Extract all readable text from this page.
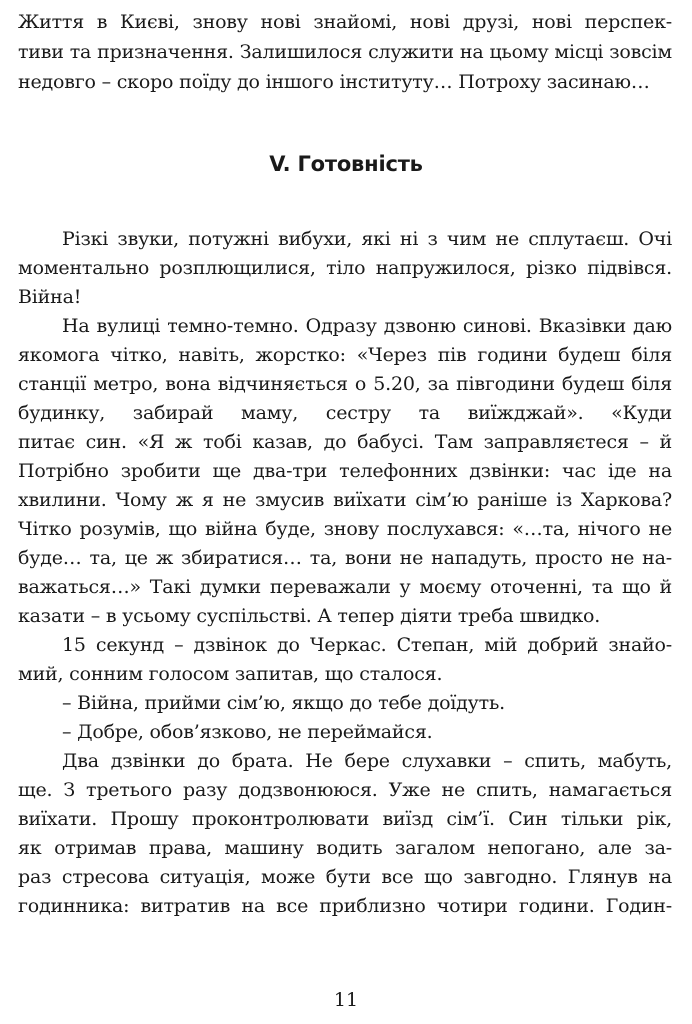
Життя в Києві, знову нові знайомі, нові друзі, нові перспек-
тиви та призначення. Залишилося служити на цьому місці зовсім
недовго – скоро поїду до іншого інституту… Потроху засинаю…
V. Готовність
Різкі звуки, потужні вибухи, які ні з чим не сплутаєш. Очі
моментально розплющилися, тіло напружилося, різко підвівся.
Війна!
На вулиці темно-темно. Одразу дзвоню синові. Вказівки даю
якомога чітко, навіть, жорстко: «Через пів години будеш біля
станції метро, вона відчиняється о 5.20, за півгодини будеш біля
будинку, забирай маму, сестру та виїжджай». «Куди
питає син. «Я ж тобі казав, до бабусі. Там заправляєтеся – й
Потрібно зробити ще два-три телефонних дзвінки: час іде на
хвилини. Чому ж я не змусив виїхати сім’ю раніше із Харкова?
Чітко розумів, що війна буде, знову послухався: «…та, нічого не
буде… та, це ж збиратися… та, вони не нападуть, просто не на-
важаться…» Такі думки переважали у моєму оточенні, та що й
казати – в усьому суспільстві. А тепер діяти треба швидко.
15 секунд – дзвінок до Черкас. Степан, мій добрий знайо-
мий, сонним голосом запитав, що сталося.
– Війна, прийми сім’ю, якщо до тебе доїдуть.
– Добре, обов’язково, не переймайся.
Два дзвінки до брата. Не бере слухавки – спить, мабуть,
ще. З третього разу додзвонююся. Уже не спить, намагається
виїхати. Прошу проконтролювати виїзд сім’ї. Син тільки рік,
як отримав права, машину водить загалом непогано, але за-
раз стресова ситуація, може бути все що завгодно. Глянув на
годинника: витратив на все приблизно чотири години. Годин-
11
